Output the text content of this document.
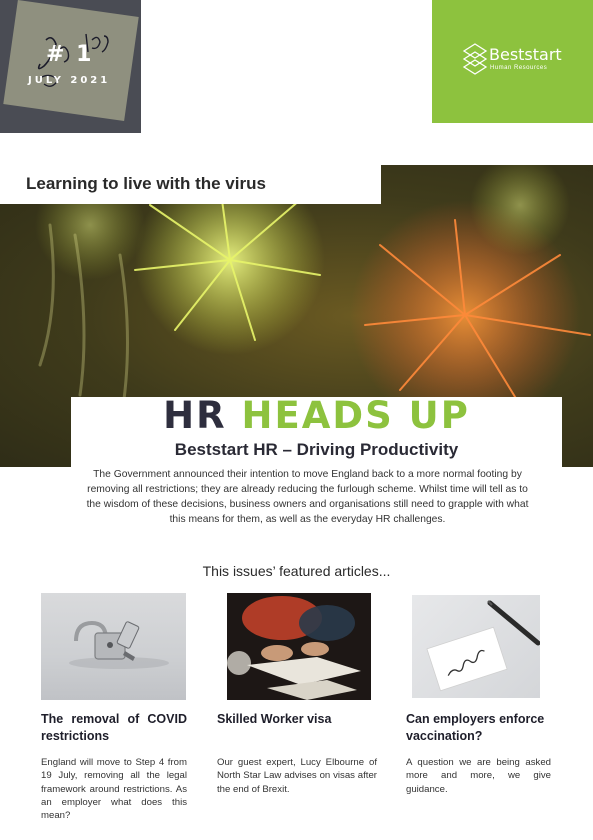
# 1
JULY 2021
Beststart
Human Resources
Learning to live with the virus
HR HEADS UP
Beststart HR – Driving Productivity
The Government announced their intention to move England back to a more normal footing by removing all restrictions; they are already reducing the furlough scheme. Whilst time will tell as to the wisdom of these decisions, business owners and organisations still need to grapple with what this means for them, as well as the everyday HR challenges.
This issues’ featured articles...
The removal of COVID restrictions
Skilled Worker visa	Can employers enforce vaccination?
England will move to Step 4 from 19 July, removing all the legal framework around restrictions. As an employer what does this mean?
Our guest expert, Lucy Elbourne of North Star Law advises on visas after the end of Brexit.
A question we are being asked more and more, we give guidance.
